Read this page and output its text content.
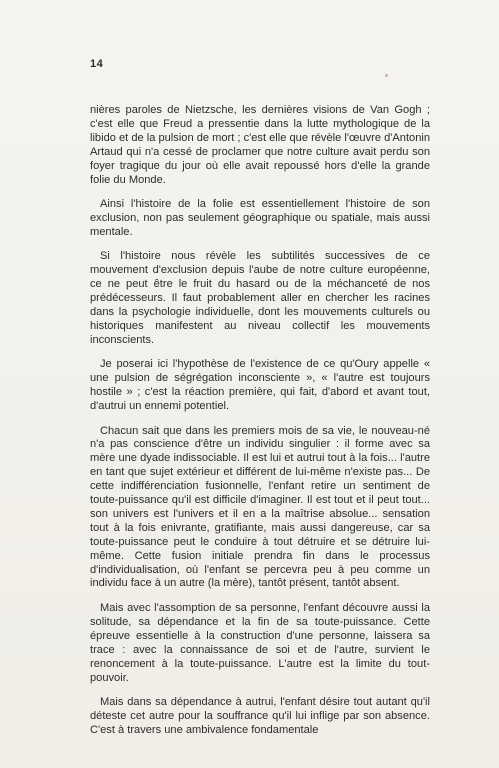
14

nières paroles de Nietzsche, les dernières visions de Van Gogh ; c'est elle que Freud a pressentie dans la lutte mythologique de la libido et de la pulsion de mort ; c'est elle que révèle l'œuvre d'Antonin Artaud qui n'a cessé de proclamer que notre culture avait perdu son foyer tragique du jour où elle avait repoussé hors d'elle la grande folie du Monde.

Ainsi l'histoire de la folie est essentiellement l'histoire de son exclusion, non pas seulement géographique ou spatiale, mais aussi mentale.

Si l'histoire nous révèle les subtilités successives de ce mouvement d'exclusion depuis l'aube de notre culture européenne, ce ne peut être le fruit du hasard ou de la méchanceté de nos prédécesseurs. Il faut probablement aller en chercher les racines dans la psychologie individuelle, dont les mouvements culturels ou historiques manifestent au niveau collectif les mouvements inconscients.

Je poserai ici l'hypothèse de l'existence de ce qu'Oury appelle « une pulsion de ségrégation inconsciente », « l'autre est toujours hostile » ; c'est la réaction première, qui fait, d'abord et avant tout, d'autrui un ennemi potentiel.

Chacun sait que dans les premiers mois de sa vie, le nouveau-né n'a pas conscience d'être un individu singulier : il forme avec sa mère une dyade indissociable. Il est lui et autrui tout à la fois... l'autre en tant que sujet extérieur et différent de lui-même n'existe pas... De cette indifférenciation fusionnelle, l'enfant retire un sentiment de toute-puissance qu'il est difficile d'imaginer. Il est tout et il peut tout... son univers est l'univers et il en a la maîtrise absolue... sensation tout à la fois enivrante, gratifiante, mais aussi dangereuse, car sa toute-puissance peut le conduire à tout détruire et se détruire lui-même. Cette fusion initiale prendra fin dans le processus d'individualisation, où l'enfant se percevra peu à peu comme un individu face à un autre (la mère), tantôt présent, tantôt absent.

Mais avec l'assomption de sa personne, l'enfant découvre aussi la solitude, sa dépendance et la fin de sa toute-puissance. Cette épreuve essentielle à la construction d'une personne, laissera sa trace : avec la connaissance de soi et de l'autre, survient le renoncement à la toute-puissance. L'autre est la limite du tout-pouvoir.

Mais dans sa dépendance à autrui, l'enfant désire tout autant qu'il déteste cet autre pour la souffrance qu'il lui inflige par son absence. C'est à travers une ambivalence fondamentale
